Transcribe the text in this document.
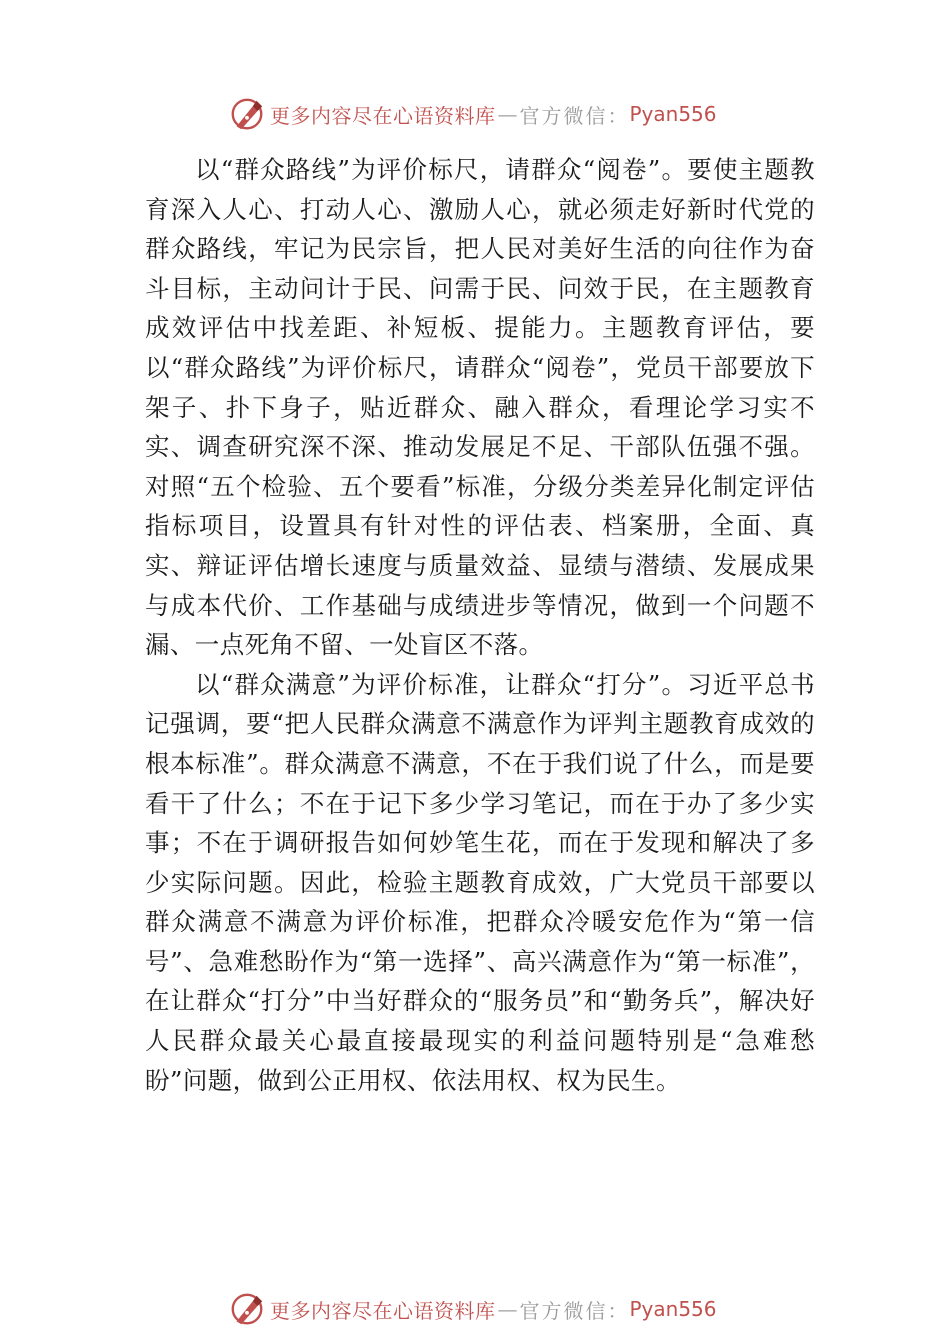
更多内容尽在心语资料库 — 官方微信： Pyan556

以“群众路线”为评价标尺，请群众“阅卷”。要使主题教育深入人心、打动人心、激励人心，就必须走好新时代党的群众路线，牢记为民宗旨，把人民对美好生活的向往作为奋斗目标，主动问计于民、问需于民、问效于民，在主题教育成效评估中找差距、补短板、提能力。主题教育评估，要以“群众路线”为评价标尺，请群众“阅卷”，党员干部要放下架子、扑下身子，贴近群众、融入群众，看理论学习实不实、调查研究深不深、推动发展足不足、干部队伍强不强。 对照“五个检验、五个要看”标准，分级分类差异化制定评估指标项目，设置具有针对性的评估表、档案册，全面、真实、辩证评估增长速度与质量效益、显绩与潜绩、发展成果与成本代价、工作基础与成绩进步等情况，做到一个问题不漏、一点死角不留、一处盲区不落。

以“群众满意”为评价标准，让群众“打分”。习近平总书记强调，要“把人民群众满意不满意作为评判主题教育成效的根本标准”。群众满意不满意，不在于我们说了什么，而是要看干了什么；不在于记下多少学习笔记，而在于办了多少实事；不在于调研报告如何妙笔生花，而在于发现和解决了多少实际问题。因此，检验主题教育成效，广大党员干部要以群众满意不满意为评价标准，把群众冷暖安危作为“第一信号”、急难愁盼作为“第一选择”、高兴满意作为“第一标准”，在让群众“打分”中当好群众的“服务员”和“勤务兵”，解决好人民群众最关心最直接最现实的利益问题特别是“急难愁盼”问题，做到公正用权、依法用权、权为民生。

更多内容尽在心语资料库 — 官方微信： Pyan556
